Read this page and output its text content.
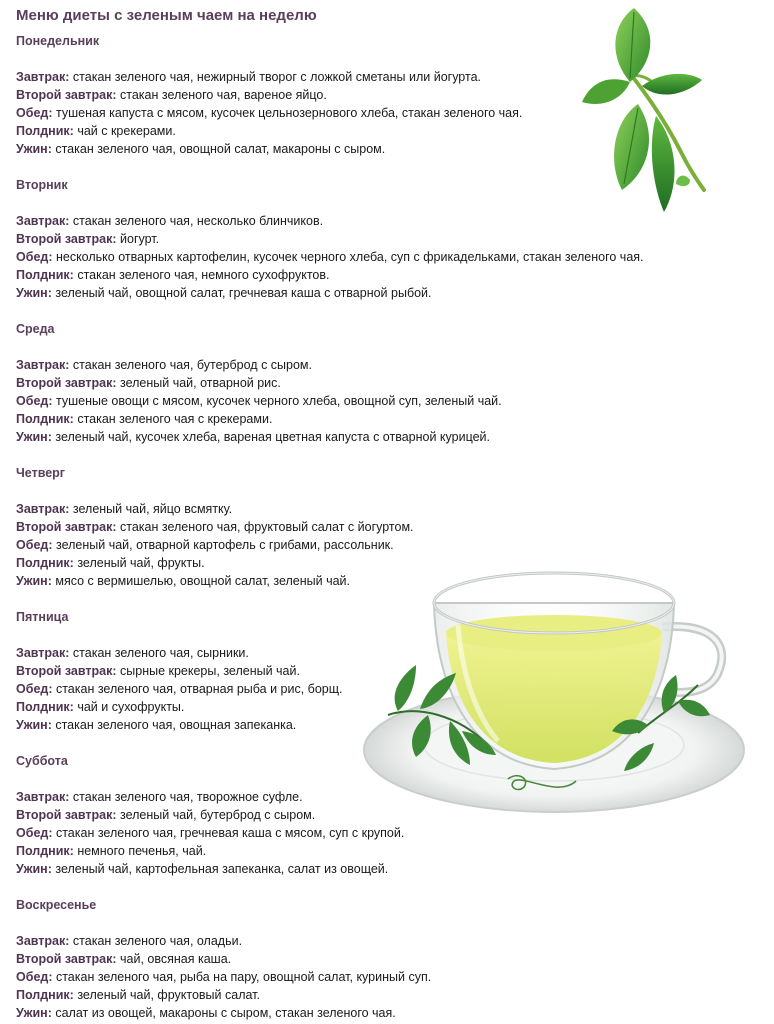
Меню диеты с зеленым чаем на неделю
Понедельник
Завтрак: стакан зеленого чая, нежирный творог с ложкой сметаны или йогурта.
Второй завтрак: стакан зеленого чая, вареное яйцо.
Обед: тушеная капуста с мясом, кусочек цельнозернового хлеба, стакан зеленого чая.
Полдник: чай с крекерами.
Ужин: стакан зеленого чая, овощной салат, макароны с сыром.
Вторник
Завтрак: стакан зеленого чая, несколько блинчиков.
Второй завтрак: йогурт.
Обед: несколько отварных картофелин, кусочек черного хлеба, суп с фрикадельками, стакан зеленого чая.
Полдник: стакан зеленого чая, немного сухофруктов.
Ужин: зеленый чай, овощной салат, гречневая каша с отварной рыбой.
Среда
Завтрак: стакан зеленого чая, бутерброд с сыром.
Второй завтрак: зеленый чай, отварной рис.
Обед: тушеные овощи с мясом, кусочек черного хлеба, овощной суп, зеленый чай.
Полдник: стакан зеленого чая с крекерами.
Ужин: зеленый чай, кусочек хлеба, вареная цветная капуста с отварной курицей.
Четверг
Завтрак: зеленый чай, яйцо всмятку.
Второй завтрак: стакан зеленого чая, фруктовый салат с йогуртом.
Обед: зеленый чай, отварной картофель с грибами, рассольник.
Полдник: зеленый чай, фрукты.
Ужин: мясо с вермишелью, овощной салат, зеленый чай.
Пятница
Завтрак: стакан зеленого чая, сырники.
Второй завтрак: сырные крекеры, зеленый чай.
Обед: стакан зеленого чая, отварная рыба и рис, борщ.
Полдник: чай и сухофрукты.
Ужин: стакан зеленого чая, овощная запеканка.
Суббота
Завтрак: стакан зеленого чая, творожное суфле.
Второй завтрак: зеленый чай, бутерброд с сыром.
Обед: стакан зеленого чая, гречневая каша с мясом, суп с крупой.
Полдник: немного печенья, чай.
Ужин: зеленый чай, картофельная запеканка, салат из овощей.
Воскресенье
Завтрак: стакан зеленого чая, оладьи.
Второй завтрак: чай, овсяная каша.
Обед: стакан зеленого чая, рыба на пару, овощной салат, куриный суп.
Полдник: зеленый чай, фруктовый салат.
Ужин: салат из овощей, макароны с сыром, стакан зеленого чая.
